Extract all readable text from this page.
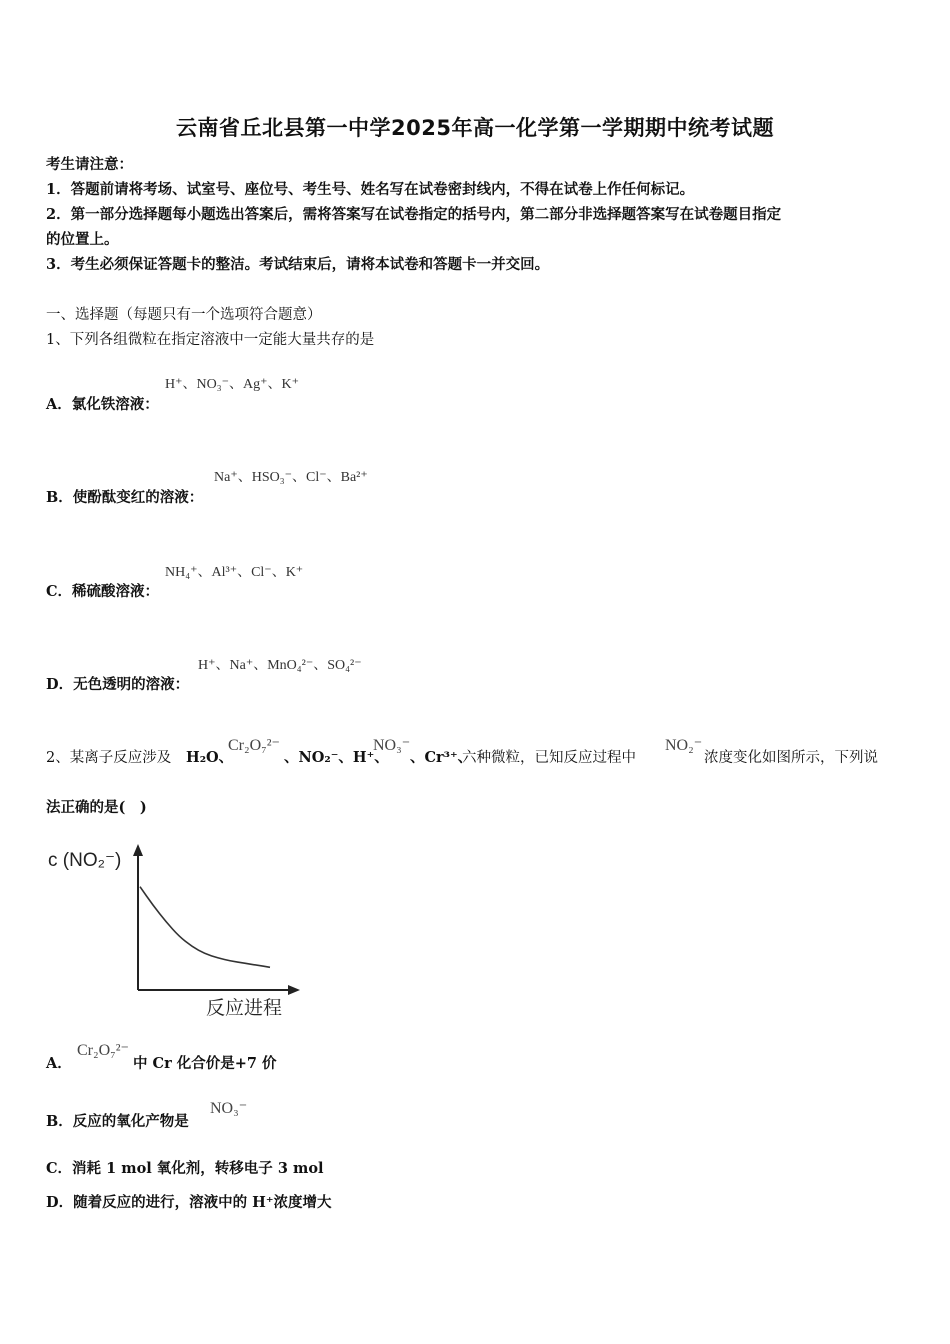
云南省丘北县第一中学2025年高一化学第一学期期中统考试题
考生请注意：
1．答题前请将考场、试室号、座位号、考生号、姓名写在试卷密封线内，不得在试卷上作任何标记。
2．第一部分选择题每小题选出答案后，需将答案写在试卷指定的括号内，第二部分非选择题答案写在试卷题目指定
的位置上。
3．考生必须保证答题卡的整洁。考试结束后，请将本试卷和答题卡一并交回。
一、选择题（每题只有一个选项符合题意）
1、下列各组微粒在指定溶液中一定能大量共存的是
H⁺、NO₃⁻、Ag⁺、K⁺
A．氯化铁溶液：
Na⁺、HSO₃⁻、Cl⁻、Ba²⁺
B．使酚酞变红的溶液：
NH₄⁺、Al³⁺、Cl⁻、K⁺
C．稀硫酸溶液：
H⁺、Na⁺、MnO₄²⁻、SO₄²⁻
D．无色透明的溶液：
2、某离子反应涉及 H₂O、
Cr₂O₇²⁻
、NO₂⁻、H⁺、
NO₃⁻
、Cr³⁺、
六种微粒，已知反应过程中
NO₂⁻
浓度变化如图所示，下列说
法正确的是(　)
c (NO₂⁻)
反应进程
A．
Cr₂O₇²⁻
中 Cr 化合价是+7 价
B．反应的氧化产物是
NO₃⁻
C．消耗 1 mol 氧化剂，转移电子 3 mol
D．随着反应的进行，溶液中的 H⁺浓度增大
